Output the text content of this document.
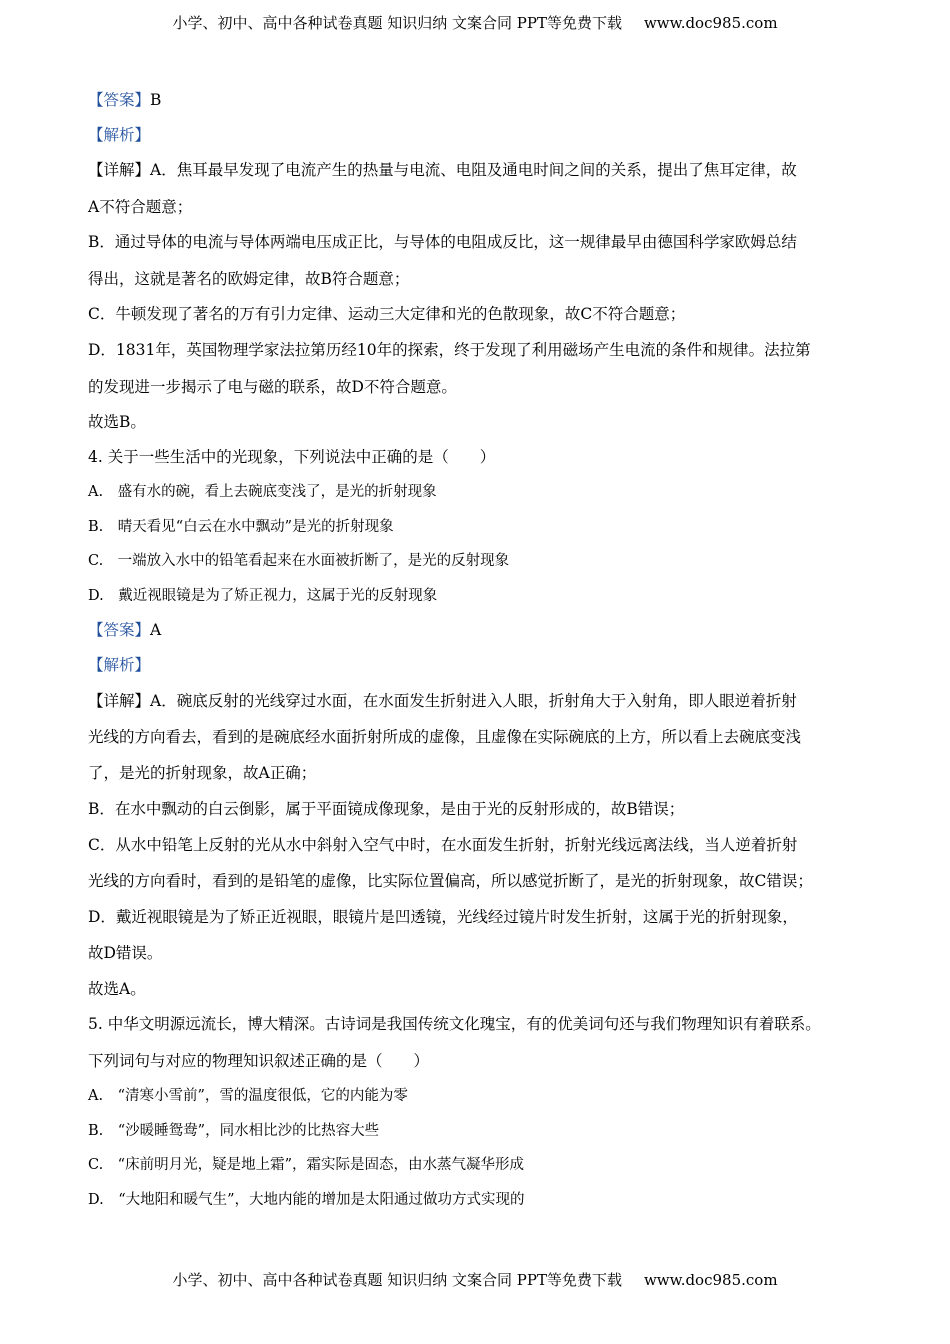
小学、初中、高中各种试卷真题 知识归纳 文案合同 PPT等免费下载 www.doc985.com
【答案】B
【解析】
【详解】A．焦耳最早发现了电流产生的热量与电流、电阻及通电时间之间的关系，提出了焦耳定律，故
A不符合题意；
B．通过导体的电流与导体两端电压成正比，与导体的电阻成反比，这一规律最早由德国科学家欧姆总结
得出，这就是著名的欧姆定律，故B符合题意；
C．牛顿发现了著名的万有引力定律、运动三大定律和光的色散现象，故C不符合题意；
D．1831年，英国物理学家法拉第历经10年的探索，终于发现了利用磁场产生电流的条件和规律。法拉第
的发现进一步揭示了电与磁的联系，故D不符合题意。
故选B。
4. 关于一些生活中的光现象，下列说法中正确的是（　　）
A.　盛有水的碗，看上去碗底变浅了，是光的折射现象
B.　晴天看见“白云在水中飘动”是光的折射现象
C.　一端放入水中的铅笔看起来在水面被折断了，是光的反射现象
D.　戴近视眼镜是为了矫正视力，这属于光的反射现象
【答案】A
【解析】
【详解】A．碗底反射的光线穿过水面，在水面发生折射进入人眼，折射角大于入射角，即人眼逆着折射
光线的方向看去，看到的是碗底经水面折射所成的虚像，且虚像在实际碗底的上方，所以看上去碗底变浅
了，是光的折射现象，故A正确；
B．在水中飘动的白云倒影，属于平面镜成像现象，是由于光的反射形成的，故B错误；
C．从水中铅笔上反射的光从水中斜射入空气中时，在水面发生折射，折射光线远离法线，当人逆着折射
光线的方向看时，看到的是铅笔的虚像，比实际位置偏高，所以感觉折断了，是光的折射现象，故C错误；
D．戴近视眼镜是为了矫正近视眼，眼镜片是凹透镜，光线经过镜片时发生折射，这属于光的折射现象，
故D错误。
故选A。
5. 中华文明源远流长，博大精深。古诗词是我国传统文化瑰宝，有的优美词句还与我们物理知识有着联系。
下列词句与对应的物理知识叙述正确的是（　　）
A.　“清寒小雪前”，雪的温度很低，它的内能为零
B.　“沙暖睡鸳鸯”，同水相比沙的比热容大些
C.　“床前明月光，疑是地上霜”，霜实际是固态，由水蒸气凝华形成
D.　“大地阳和暖气生”，大地内能的增加是太阳通过做功方式实现的
小学、初中、高中各种试卷真题 知识归纳 文案合同 PPT等免费下载 www.doc985.com
